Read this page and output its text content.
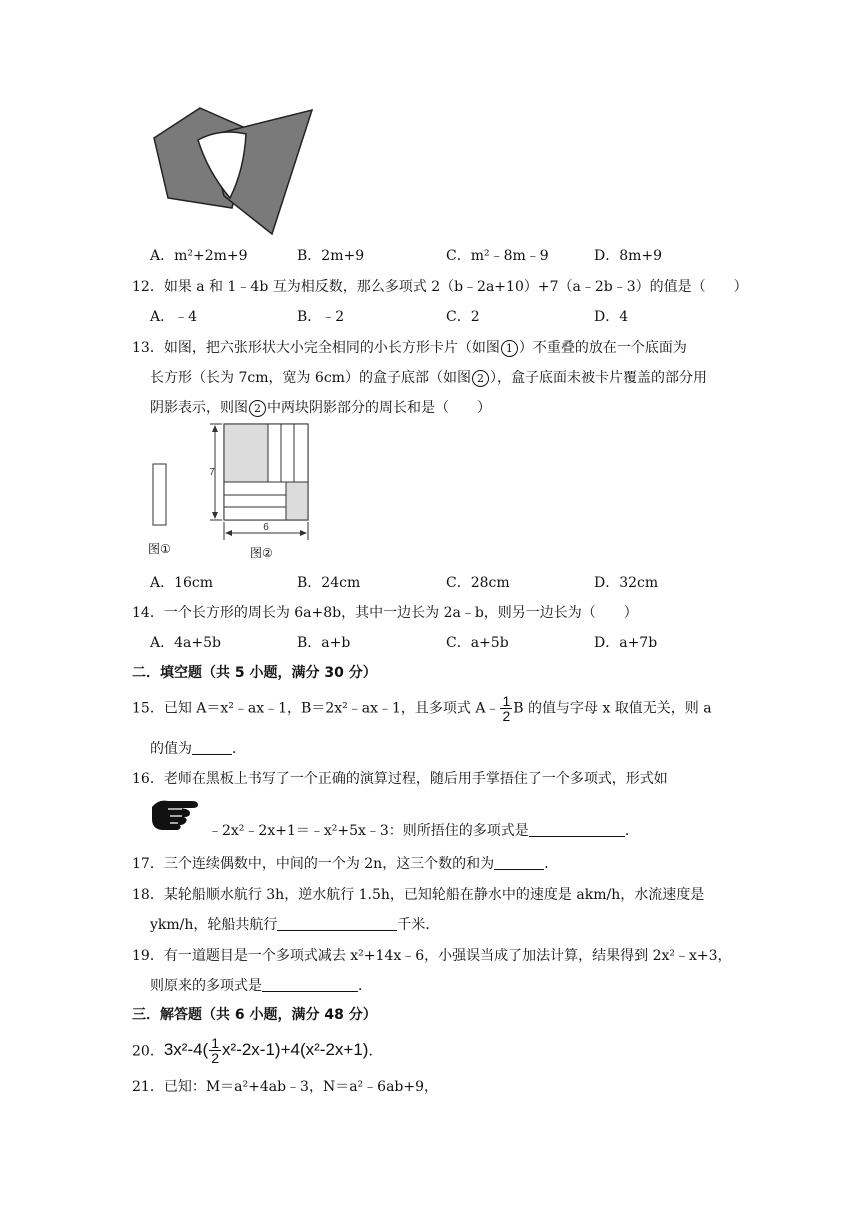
A．m²+2m+9	B．2m+9	C．m²﹣8m﹣9	D．8m+9
12．如果 a 和 1﹣4b 互为相反数，那么多项式 2（b﹣2a+10）+7（a﹣2b﹣3）的值是（　　）
A．﹣4	B．﹣2	C．2	D．4
13．如图，把六张形状大小完全相同的小长方形卡片（如图 1 ）不重叠的放在一个底面为
长方形（长为 7cm，宽为 6cm）的盒子底部（如图 2 ），盒子底面未被卡片覆盖的部分用
阴影表示，则图 2 中两块阴影部分的周长和是（　　）
图①
7
6
图②
A．16cm	B．24cm	C．28cm	D．32cm
14．一个长方形的周长为 6a+8b，其中一边长为 2a﹣b，则另一边长为（　　）
A．4a+5b	B．a+b	C．a+5b	D．a+7b
二．填空题（共 5 小题，满分 30 分）
15．已知 A＝x²﹣ax﹣1，B＝2x²﹣ax﹣1，且多项式 A﹣ $\frac{1}{2}$ B 的值与字母 x 取值无关，则 a
的值为	．
16．老师在黑板上书写了一个正确的演算过程，随后用手掌捂住了一个多项式，形式如
﹣2x²﹣2x+1＝﹣x²+5x﹣3：则所捂住的多项式是	．
17．三个连续偶数中，中间的一个为 2n，这三个数的和为	．
18．某轮船顺水航行 3h，逆水航行 1.5h，已知轮船在静水中的速度是 akm/h，水流速度是
ykm/h，轮船共航行	千米．
19．有一道题目是一个多项式减去 x²+14x﹣6，小强误当成了加法计算，结果得到 2x²﹣x+3，
则原来的多项式是	．
三．解答题（共 6 小题，满分 48 分）
20．$3x^2-4( \frac{1}{2} x^2-2x-1)+4(x^2-2x+1)$．
21．已知：M＝a²+4ab﹣3，N＝a²﹣6ab+9，
